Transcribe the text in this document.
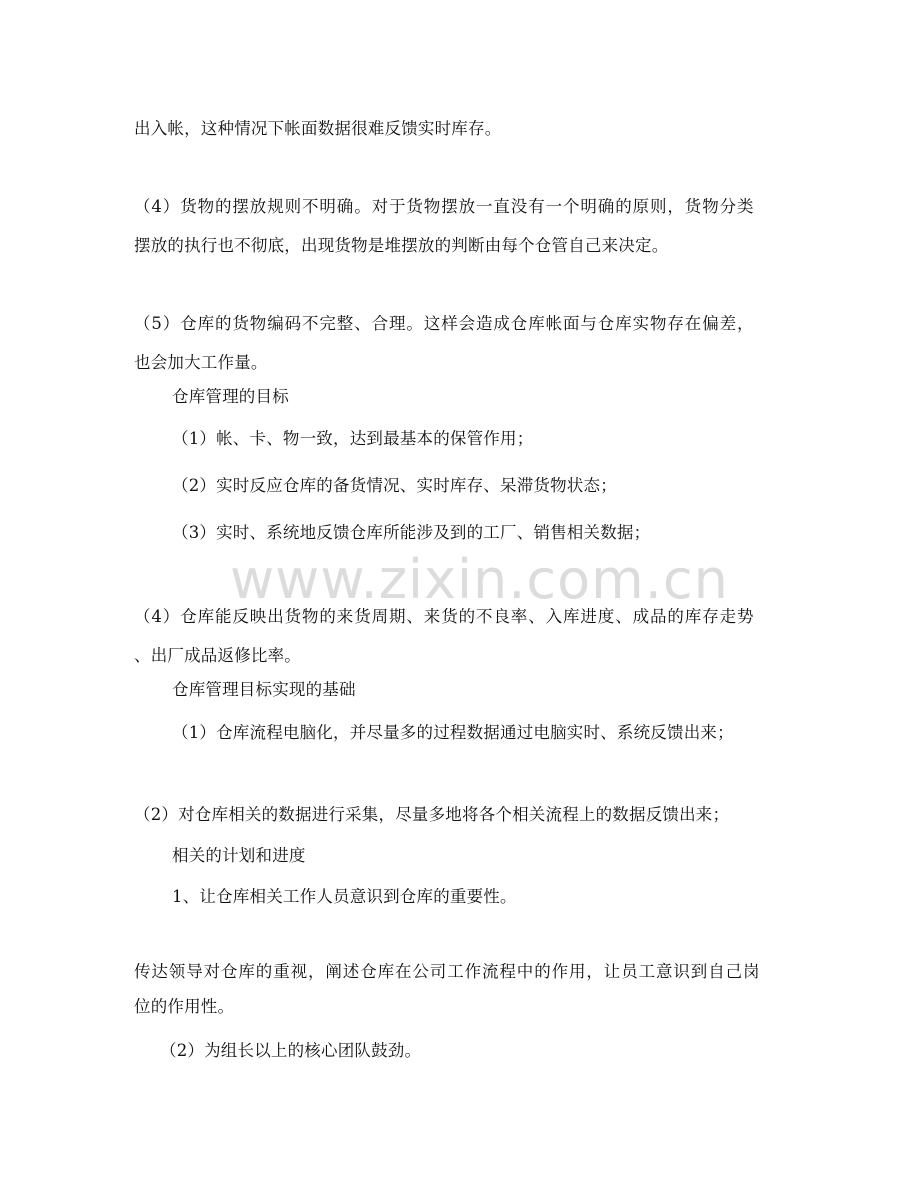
www.zixin.com.cn
出入帐，这种情况下帐面数据很难反馈实时库存。
（4）货物的摆放规则不明确。对于货物摆放一直没有一个明确的原则，货物分类
摆放的执行也不彻底，出现货物是堆摆放的判断由每个仓管自己来决定。
（5）仓库的货物编码不完整、合理。这样会造成仓库帐面与仓库实物存在偏差，
也会加大工作量。
仓库管理的目标
（1）帐、卡、物一致，达到最基本的保管作用；
（2）实时反应仓库的备货情况、实时库存、呆滞货物状态；
（3）实时、系统地反馈仓库所能涉及到的工厂、销售相关数据；
（4）仓库能反映出货物的来货周期、来货的不良率、入库进度、成品的库存走势
、出厂成品返修比率。
仓库管理目标实现的基础
（1）仓库流程电脑化，并尽量多的过程数据通过电脑实时、系统反馈出来；
（2）对仓库相关的数据进行采集，尽量多地将各个相关流程上的数据反馈出来；
相关的计划和进度
1、让仓库相关工作人员意识到仓库的重要性。
传达领导对仓库的重视，阐述仓库在公司工作流程中的作用，让员工意识到自己岗
位的作用性。
（2）为组长以上的核心团队鼓劲。
